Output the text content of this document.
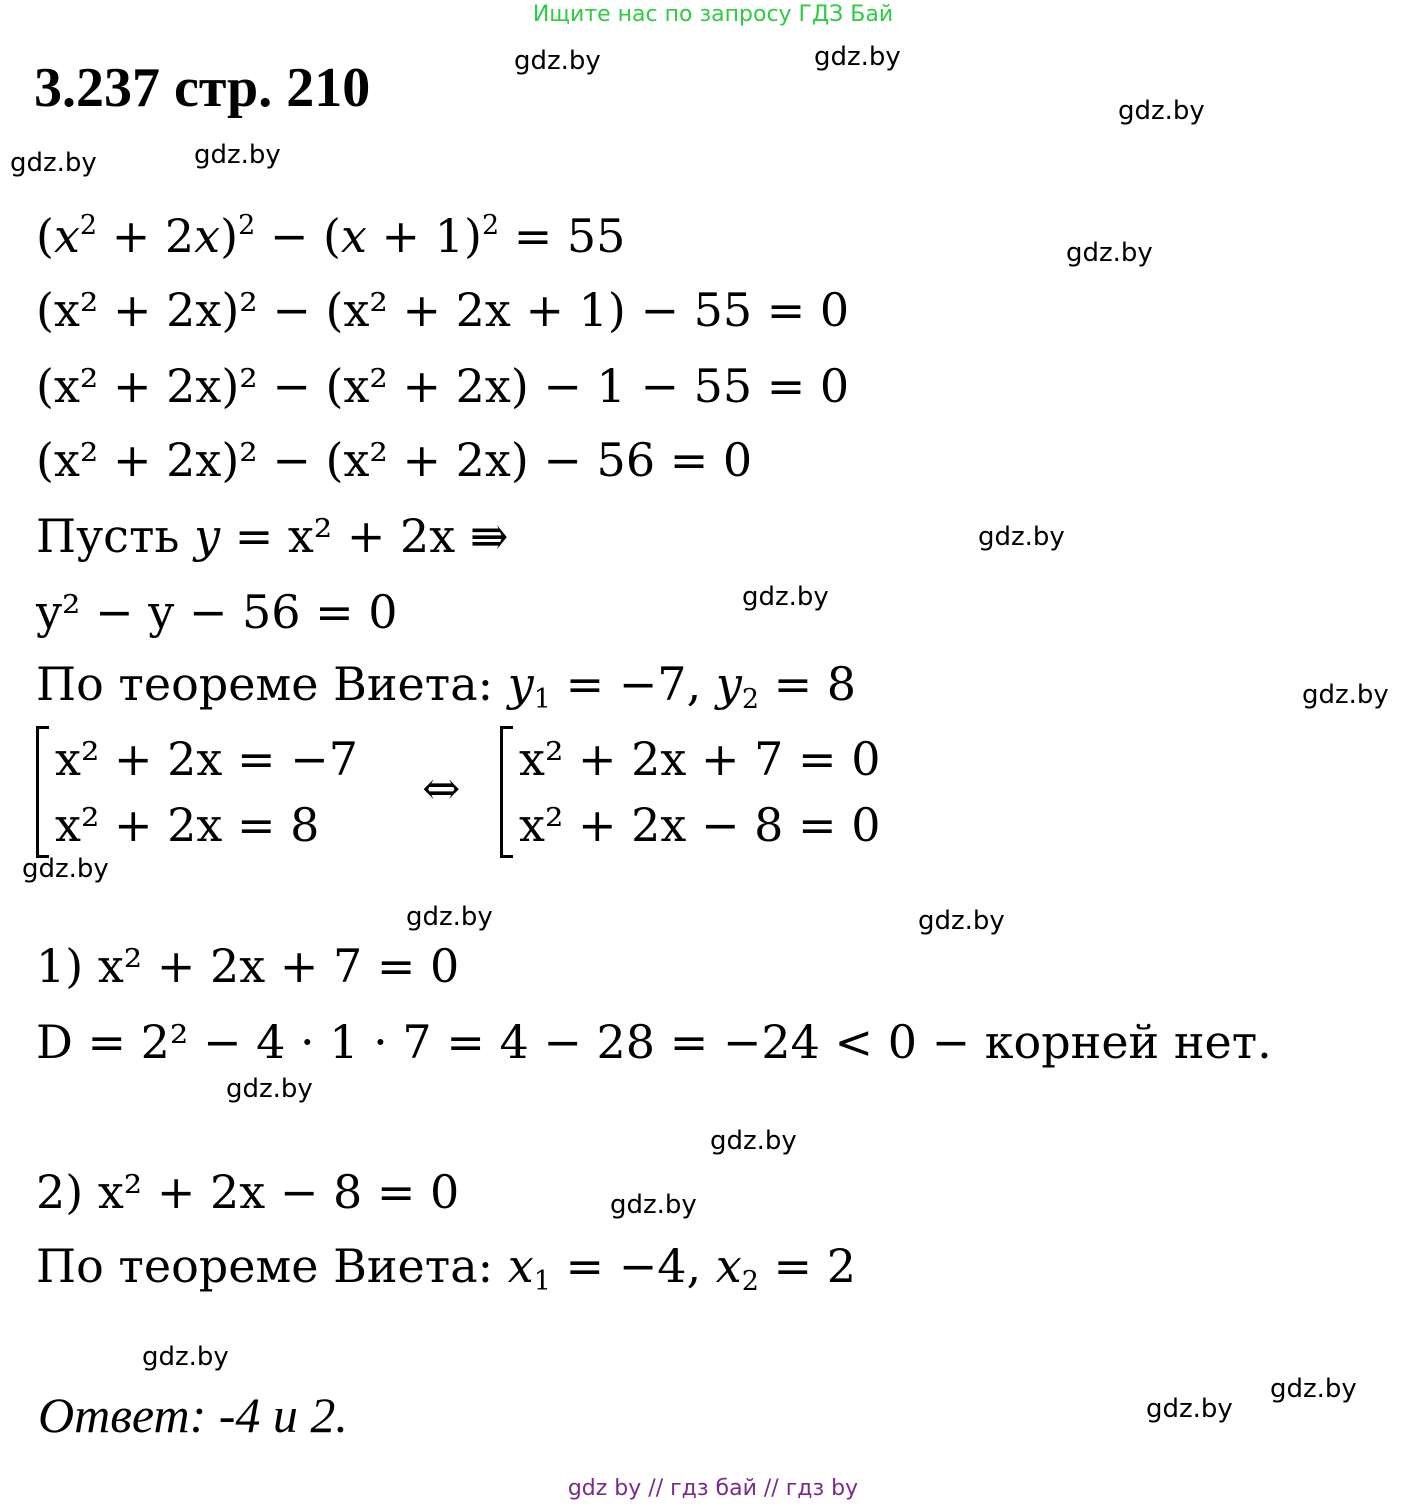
Ищите нас по запросу ГДЗ Бай
3.237 стр. 210	gdz.by	gdz.by
gdz.by
gdz.by	gdz.by
gdz.by
gdz.by
gdz.by
gdz.by
gdz.by
gdz.by	gdz.by
gdz.by
gdz.by
gdz.by
gdz.by
gdz.by
gdz.by
$(x^2 + 2x)^2 - (x + 1)^2 = 55$
(x² + 2x)² − (x² + 2x + 1) − 55 = 0
(x² + 2x)² − (x² + 2x) − 1 − 55 = 0
(x² + 2x)² − (x² + 2x) − 56 = 0
Пусть y = x² + 2x ⇛
y² − y − 56 = 0
По теореме Виета: $y_1 = -7$, $y_2 = 8$
x² + 2x = −7
x² + 2x = 8
⇔
x² + 2x + 7 = 0
x² + 2x − 8 = 0
1) x² + 2x + 7 = 0
D = 2² − 4 · 1 · 7 = 4 − 28 = −24 < 0 − корней нет.
2) x² + 2x − 8 = 0
По теореме Виета: $x_1 = -4$, $x_2 = 2$
Ответ: -4 и 2.
gdz by // гдз бай // гдз by
